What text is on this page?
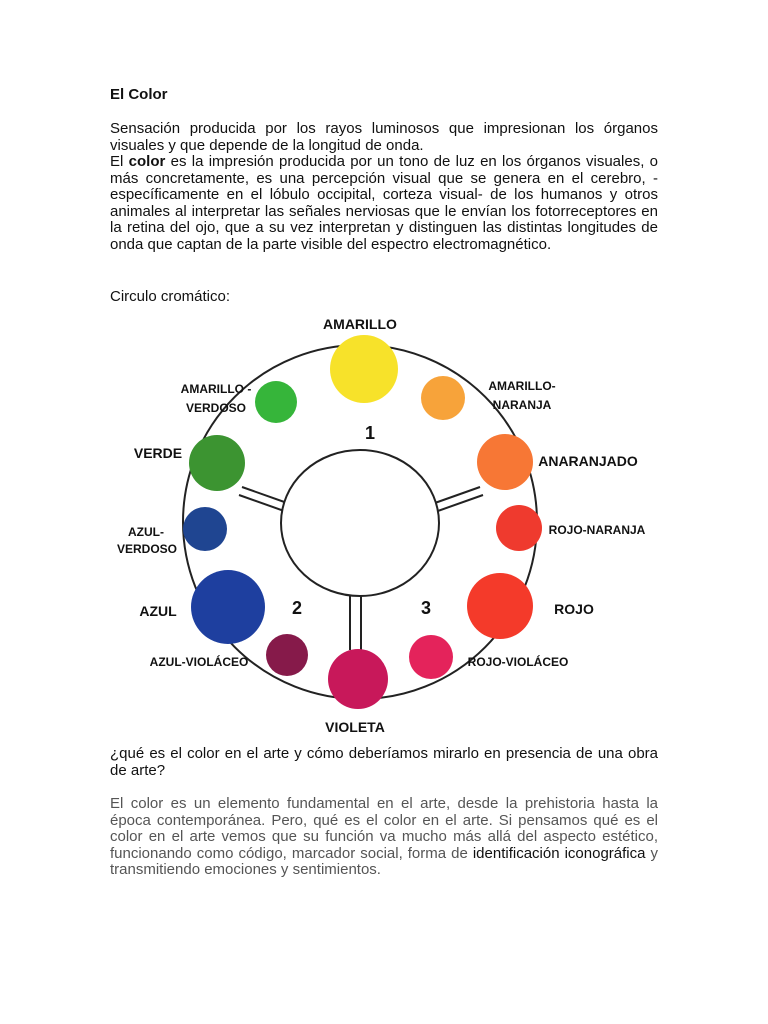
El Color

Sensación producida por los rayos luminosos que impresionan los órganos visuales y que depende de la longitud de onda.

El color es la impresión producida por un tono de luz en los órganos visuales, o más concretamente, es una percepción visual que se genera en el cerebro, - específicamente en el lóbulo occipital, corteza visual- de los humanos y otros animales al interpretar las señales nerviosas que le envían los fotorreceptores en la retina del ojo, que a su vez interpretan y distinguen las distintas longitudes de onda que captan de la parte visible del espectro electromagnético.

Circulo cromático:

AMARILLO
AMARILLO -
VERDOSO
AMARILLO-
NARANJA
VERDE	ANARANJADO
AZUL-
VERDOSO
ROJO-NARANJA
AZUL	ROJO
AZUL-VIOLÁCEO	ROJO-VIOLÁCEO
VIOLETA
1
2	3

¿qué es el color en el arte y cómo deberíamos mirarlo en presencia de una obra de arte?

El color es un elemento fundamental en el arte, desde la prehistoria hasta la época contemporánea. Pero, qué es el color en el arte. Si pensamos qué es el color en el arte vemos que su función va mucho más allá del aspecto estético, funcionando como código, marcador social, forma de identificación iconográfica y transmitiendo emociones y sentimientos.
